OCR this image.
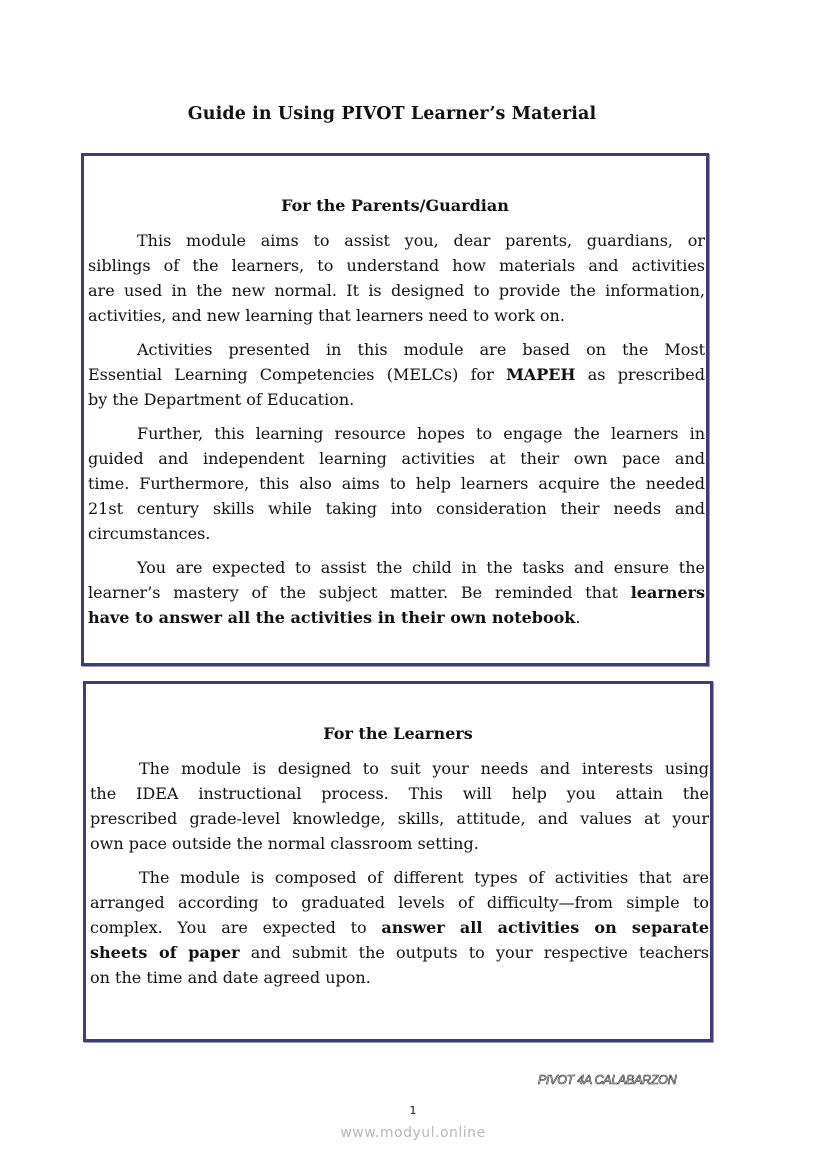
Guide in Using PIVOT Learner’s Material
For the Parents/Guardian
This module aims to assist you, dear parents, guardians, or
siblings of the learners, to understand how materials and activities
are used in the new normal. It is designed to provide the information,
activities, and new learning that learners need to work on.
Activities presented in this module are based on the Most
Essential Learning Competencies (MELCs) for MAPEH as prescribed
by the Department of Education.
Further, this learning resource hopes to engage the learners in
guided and independent learning activities at their own pace and
time. Furthermore, this also aims to help learners acquire the needed
21st century skills while taking into consideration their needs and
circumstances.
You are expected to assist the child in the tasks and ensure the
learner’s mastery of the subject matter. Be reminded that learners
have to answer all the activities in their own notebook.
For the Learners
The module is designed to suit your needs and interests using
the IDEA instructional process. This will help you attain the
prescribed grade-level knowledge, skills, attitude, and values at your
own pace outside the normal classroom setting.
The module is composed of different types of activities that are
arranged according to graduated levels of difficulty—from simple to
complex. You are expected to answer all activities on separate
sheets of paper and submit the outputs to your respective teachers
on the time and date agreed upon.
PIVOT 4A CALABARZON
1
www.modyul.online
